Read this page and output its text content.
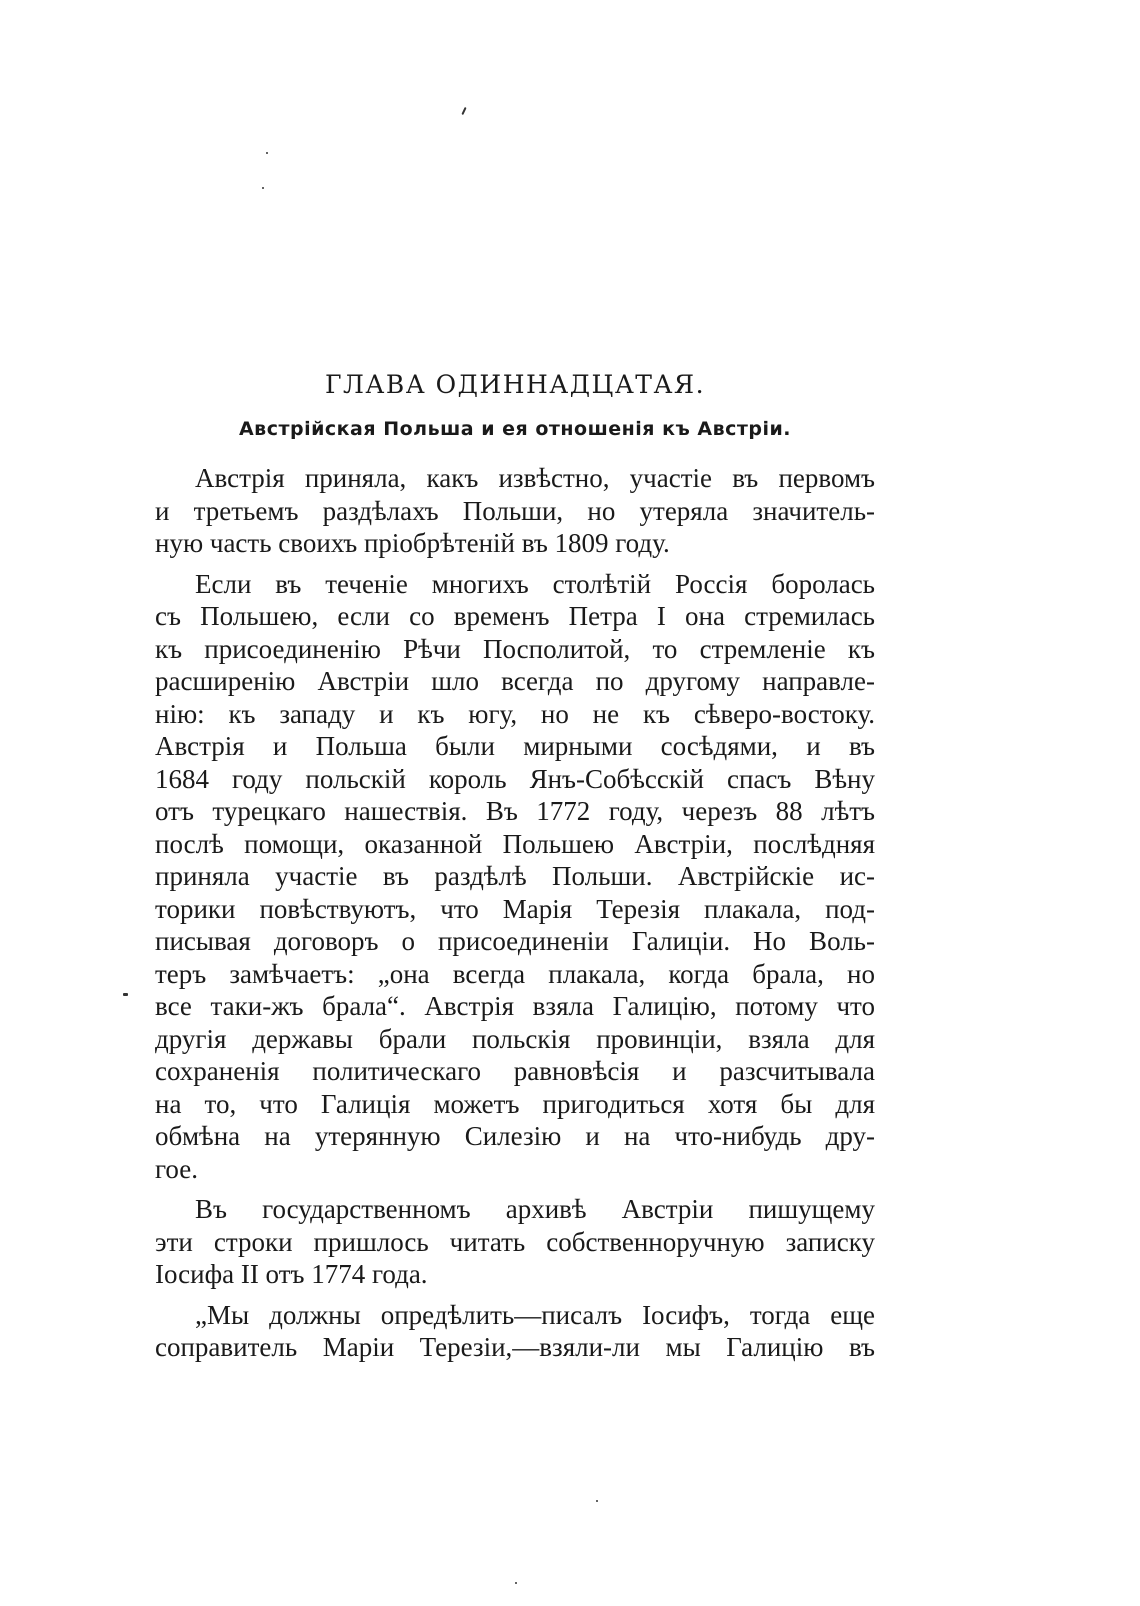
ГЛАВА ОДИННАДЦАТАЯ.
Австрійская Польша и ея отношенія къ Австріи.

Австрія приняла, какъ извѣстно, участіе въ первомъ
и третьемъ раздѣлахъ Польши, но утеряла значитель-
ную часть своихъ пріобрѣтеній въ 1809 году.

Если въ теченіе многихъ столѣтій Россія боролась
съ Польшею, если со временъ Петра I она стремилась
къ присоединенію Рѣчи Посполитой, то стремленіе къ
расширенію Австріи шло всегда по другому направле-
нію: къ западу и къ югу, но не къ сѣверо-востоку.
Австрія и Польша были мирными сосѣдями, и въ
1684 году польскій король Янъ-Собѣсскій спасъ Вѣну
отъ турецкаго нашествія. Въ 1772 году, черезъ 88 лѣтъ
послѣ помощи, оказанной Польшею Австріи, послѣдняя
приняла участіе въ раздѣлѣ Польши. Австрійскіе ис-
торики повѣствуютъ, что Марія Терезія плакала, под-
писывая договоръ о присоединеніи Галиціи. Но Воль-
теръ замѣчаетъ: „она всегда плакала, когда брала, но
все таки-жъ брала“. Австрія взяла Галицію, потому что
другія державы брали польскія провинціи, взяла для
сохраненія политическаго равновѣсія и разсчитывала
на то, что Галиція можетъ пригодиться хотя бы для
обмѣна на утерянную Силезію и на что-нибудь дру-
гое.

Въ государственномъ архивѣ Австріи пишущему
эти строки пришлось читать собственноручную записку
Іосифа II отъ 1774 года.

„Мы должны опредѣлить—писалъ Іосифъ, тогда еще
соправитель Маріи Терезіи,—взяли-ли мы Галицію въ
